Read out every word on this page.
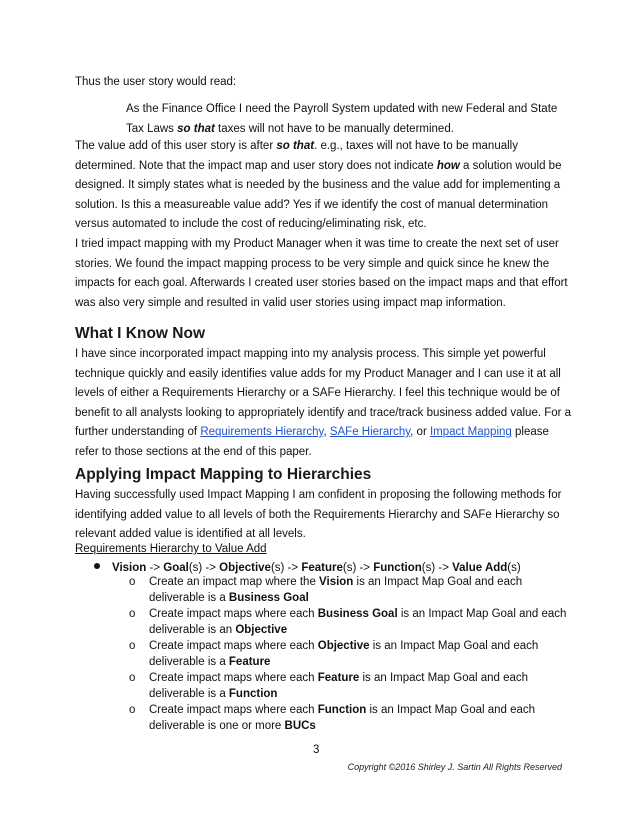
Thus the user story would read:

As the Finance Office I need the Payroll System updated with new Federal and State
Tax Laws so that taxes will not have to be manually determined.

The value add of this user story is after so that. e.g., taxes will not have to be manually determined. Note that the impact map and user story does not indicate how a solution would be designed. It simply states what is needed by the business and the value add for implementing a solution. Is this a measureable value add? Yes if we identify the cost of manual determination versus automated to include the cost of reducing/eliminating risk, etc.

I tried impact mapping with my Product Manager when it was time to create the next set of user stories. We found the impact mapping process to be very simple and quick since he knew the impacts for each goal. Afterwards I created user stories based on the impact maps and that effort was also very simple and resulted in valid user stories using impact map information.

What I Know Now

I have since incorporated impact mapping into my analysis process. This simple yet powerful technique quickly and easily identifies value adds for my Product Manager and I can use it at all levels of either a Requirements Hierarchy or a SAFe Hierarchy. I feel this technique would be of benefit to all analysts looking to appropriately identify and trace/track business added value. For a further understanding of Requirements Hierarchy, SAFe Hierarchy, or Impact Mapping please refer to those sections at the end of this paper.

Applying Impact Mapping to Hierarchies

Having successfully used Impact Mapping I am confident in proposing the following methods for identifying added value to all levels of both the Requirements Hierarchy and SAFe Hierarchy so relevant added value is identified at all levels.

Requirements Hierarchy to Value Add

Vision -> Goal(s) -> Objective(s) -> Feature(s) -> Function(s) -> Value Add(s)
o Create an impact map where the Vision is an Impact Map Goal and each deliverable is a Business Goal
o Create impact maps where each Business Goal is an Impact Map Goal and each deliverable is an Objective
o Create impact maps where each Objective is an Impact Map Goal and each deliverable is a Feature
o Create impact maps where each Feature is an Impact Map Goal and each deliverable is a Function
o Create impact maps where each Function is an Impact Map Goal and each deliverable is one or more BUCs
3
Copyright ©2016 Shirley J. Sartin All Rights Reserved
